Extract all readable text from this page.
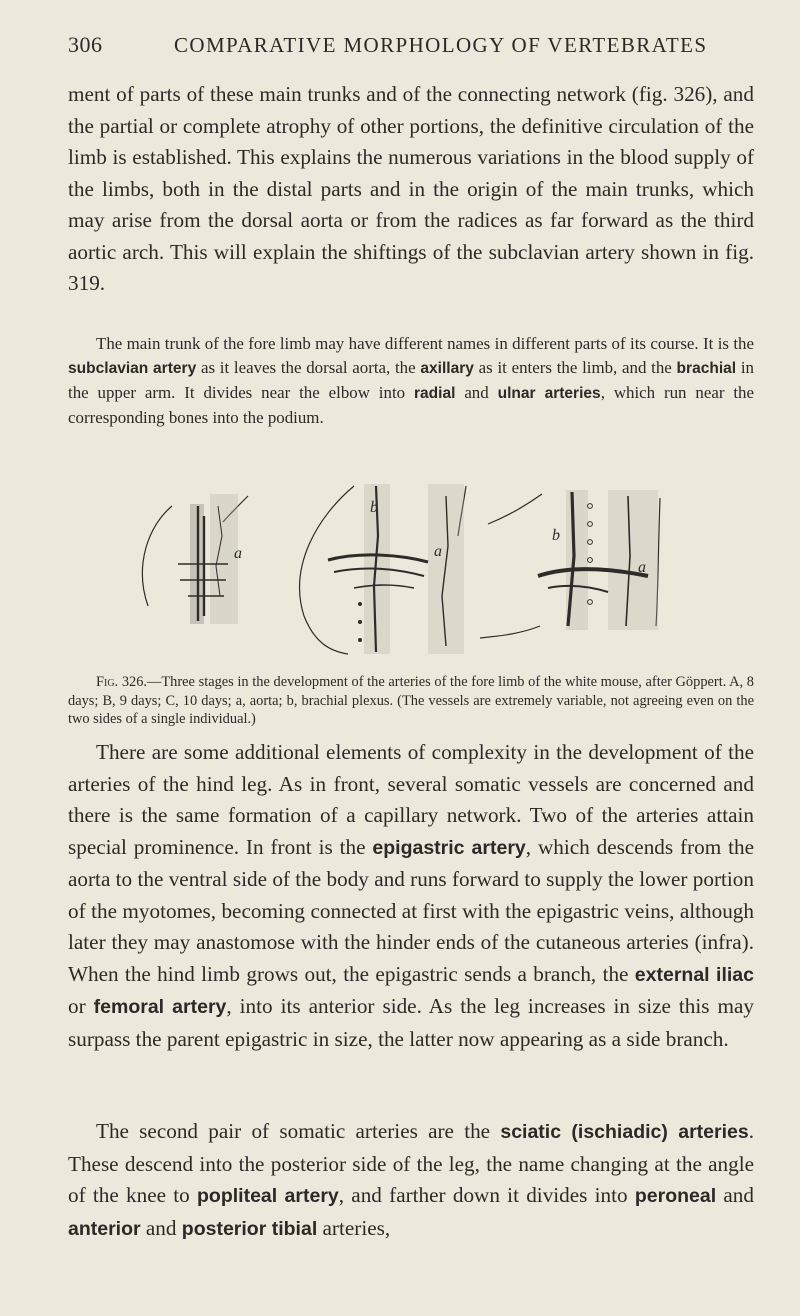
306	COMPARATIVE MORPHOLOGY OF VERTEBRATES

ment of parts of these main trunks and of the connecting network (fig. 326), and the partial or complete atrophy of other portions, the definitive circulation of the limb is established. This explains the numerous variations in the blood supply of the limbs, both in the distal parts and in the origin of the main trunks, which may arise from the dorsal aorta or from the radices as far forward as the third aortic arch. This will explain the shiftings of the subclavian artery shown in fig. 319.

The main trunk of the fore limb may have different names in different parts of its course. It is the subclavian artery as it leaves the dorsal aorta, the axillary as it enters the limb, and the brachial in the upper arm. It divides near the elbow into radial and ulnar arteries, which run near the corresponding bones into the podium.

a	a
a
b
b

Fig. 326.—Three stages in the development of the arteries of the fore limb of the white mouse, after Göppert. A, 8 days; B, 9 days; C, 10 days; a, aorta; b, brachial plexus. (The vessels are extremely variable, not agreeing even on the two sides of a single individual.)

There are some additional elements of complexity in the development of the arteries of the hind leg. As in front, several somatic vessels are concerned and there is the same formation of a capillary network. Two of the arteries attain special prominence. In front is the epigastric artery, which descends from the aorta to the ventral side of the body and runs forward to supply the lower portion of the myotomes, becoming connected at first with the epigastric veins, although later they may anastomose with the hinder ends of the cutaneous arteries (infra). When the hind limb grows out, the epigastric sends a branch, the external iliac or femoral artery, into its anterior side. As the leg increases in size this may surpass the parent epigastric in size, the latter now appearing as a side branch.

The second pair of somatic arteries are the sciatic (ischiadic) arteries. These descend into the posterior side of the leg, the name changing at the angle of the knee to popliteal artery, and farther down it divides into peroneal and anterior and posterior tibial arteries,
